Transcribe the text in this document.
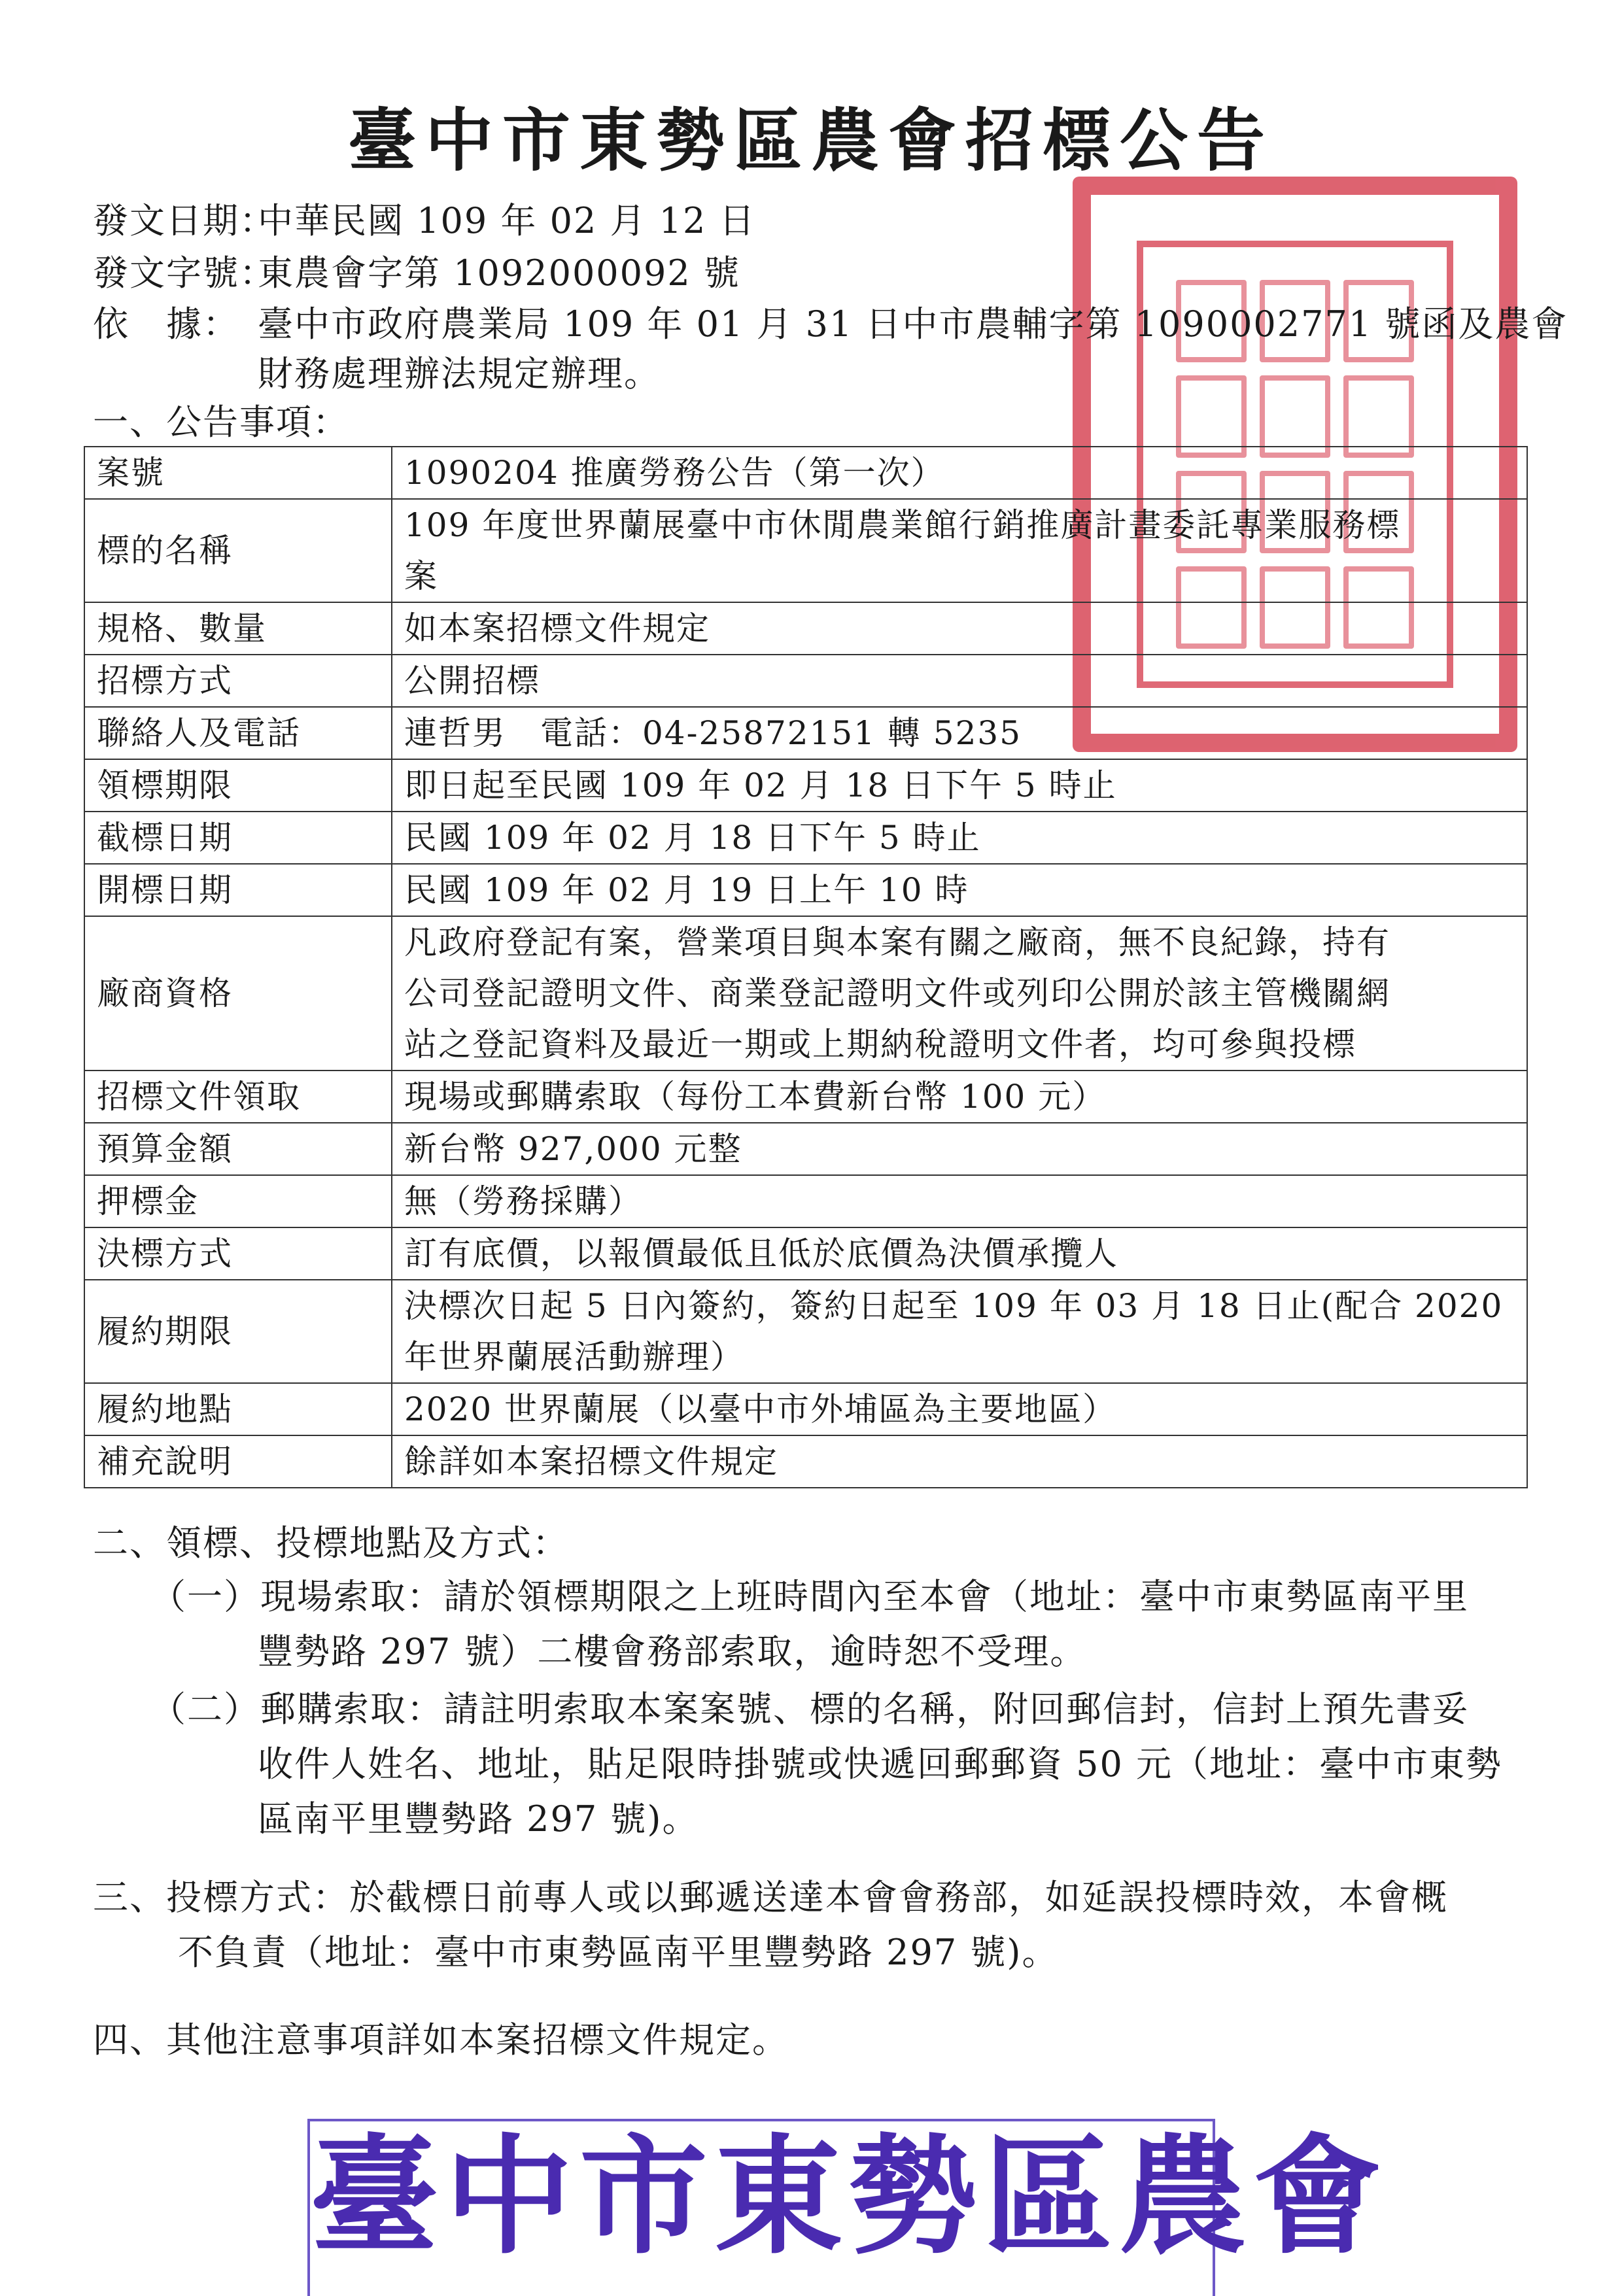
臺中市東勢區農會招標公告
發文日期：中華民國 109 年 02 月 12 日
發文字號：東農會字第 1092000092 號
依　據： 臺中市政府農業局 109 年 01 月 31 日中市農輔字第 1090002771 號函及農會
財務處理辦法規定辦理。
一、公告事項：
案號	1090204 推廣勞務公告（第一次）

標的名稱	109 年度世界蘭展臺中市休閒農業館行銷推廣計畫委託專業服務標
案

規格、數量	如本案招標文件規定

招標方式	公開招標

聯絡人及電話	連哲男　電話：04-25872151 轉 5235

領標期限	即日起至民國 109 年 02 月 18 日下午 5 時止

截標日期	民國 109 年 02 月 18 日下午 5 時止

開標日期	民國 109 年 02 月 19 日上午 10 時

廠商資格	凡政府登記有案，營業項目與本案有關之廠商，無不良紀錄，持有
公司登記證明文件、商業登記證明文件或列印公開於該主管機關網
站之登記資料及最近一期或上期納稅證明文件者，均可參與投標

招標文件領取	現場或郵購索取（每份工本費新台幣 100 元）

預算金額	新台幣 927,000 元整

押標金	無（勞務採購）

決標方式	訂有底價，以報價最低且低於底價為決價承攬人

履約期限	決標次日起 5 日內簽約，簽約日起至 109 年 03 月 18 日止(配合 2020
年世界蘭展活動辦理）

履約地點	2020 世界蘭展（以臺中市外埔區為主要地區）

補充說明	餘詳如本案招標文件規定
二、領標、投標地點及方式：
（一）現場索取：請於領標期限之上班時間內至本會（地址：臺中市東勢區南平里
豐勢路 297 號）二樓會務部索取，逾時恕不受理。
（二）郵購索取：請註明索取本案案號、標的名稱，附回郵信封，信封上預先書妥
收件人姓名、地址，貼足限時掛號或快遞回郵郵資 50 元（地址：臺中市東勢
區南平里豐勢路 297 號)。
三、投標方式：於截標日前專人或以郵遞送達本會會務部，如延誤投標時效，本會概
不負責（地址：臺中市東勢區南平里豐勢路 297 號)。
四、其他注意事項詳如本案招標文件規定。
臺中市東勢區農會
